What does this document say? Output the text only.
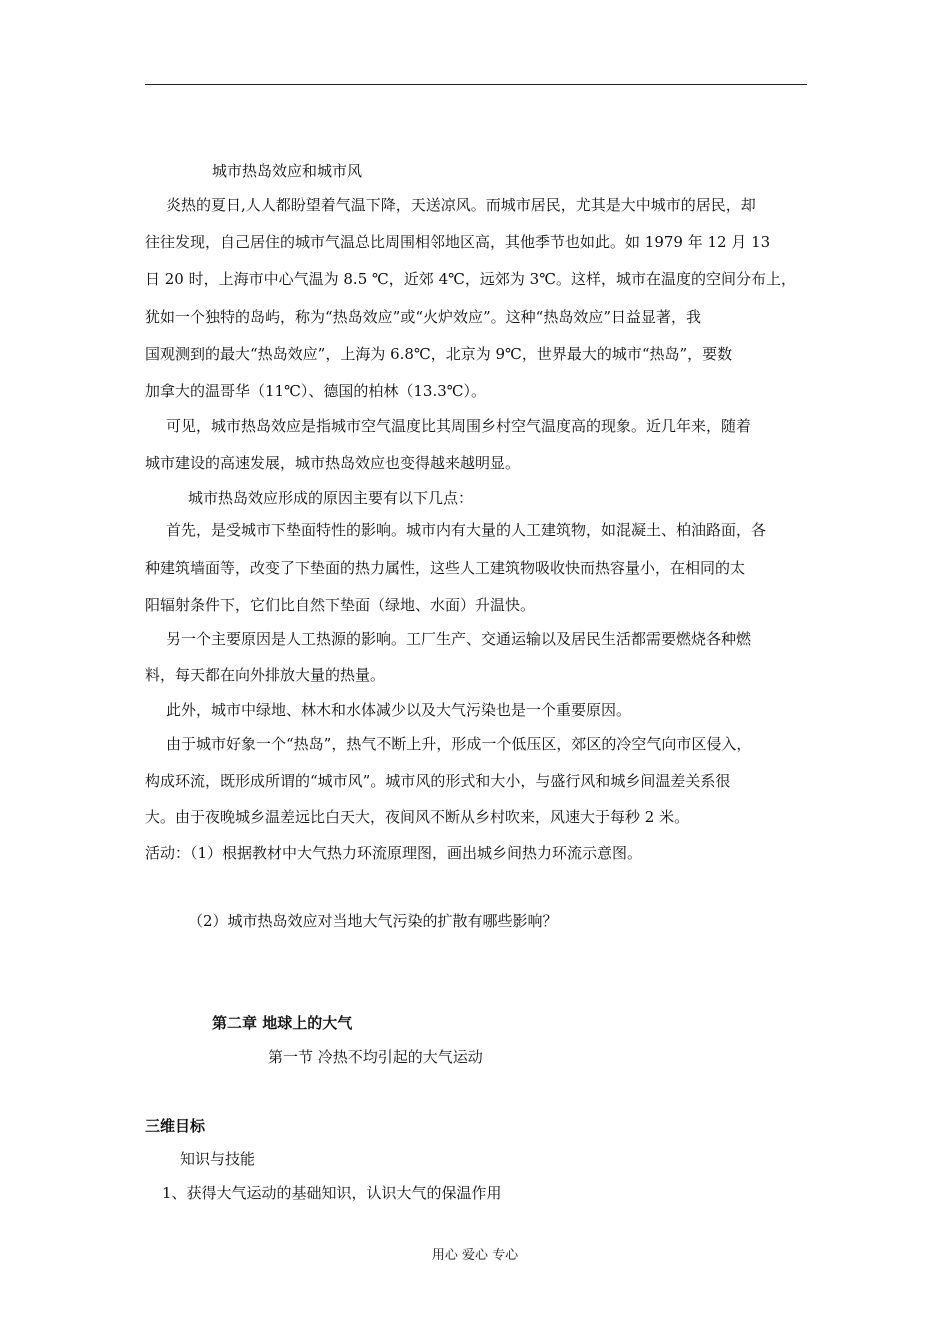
城市热岛效应和城市风
炎热的夏日,人人都盼望着气温下降，天送凉风。而城市居民，尤其是大中城市的居民，却
往往发现，自己居住的城市气温总比周围相邻地区高，其他季节也如此。如 1979 年 12 月 13
日 20 时，上海市中心气温为 8.5 ℃，近郊 4℃，远郊为 3℃。这样，城市在温度的空间分布上，
犹如一个独特的岛屿，称为“热岛效应”或“火炉效应”。这种“热岛效应”日益显著，我
国观测到的最大“热岛效应”，上海为 6.8℃，北京为 9℃，世界最大的城市“热岛”，要数
加拿大的温哥华（11℃）、德国的柏林（13.3℃）。
可见，城市热岛效应是指城市空气温度比其周围乡村空气温度高的现象。近几年来，随着
城市建设的高速发展，城市热岛效应也变得越来越明显。
城市热岛效应形成的原因主要有以下几点：
首先，是受城市下垫面特性的影响。城市内有大量的人工建筑物，如混凝土、柏油路面，各
种建筑墙面等，改变了下垫面的热力属性，这些人工建筑物吸收快而热容量小，在相同的太
阳辐射条件下，它们比自然下垫面（绿地、水面）升温快。
另一个主要原因是人工热源的影响。工厂生产、交通运输以及居民生活都需要燃烧各种燃
料，每天都在向外排放大量的热量。
此外，城市中绿地、林木和水体减少以及大气污染也是一个重要原因。
由于城市好象一个“热岛”，热气不断上升，形成一个低压区，郊区的冷空气向市区侵入，
构成环流，既形成所谓的“城市风”。城市风的形式和大小，与盛行风和城乡间温差关系很
大。由于夜晚城乡温差远比白天大，夜间风不断从乡村吹来，风速大于每秒 2 米。
活动：（1）根据教材中大气热力环流原理图，画出城乡间热力环流示意图。
（2）城市热岛效应对当地大气污染的扩散有哪些影响？
第二章 地球上的大气
第一节 冷热不均引起的大气运动
三维目标
知识与技能
1、获得大气运动的基础知识，认识大气的保温作用
用心 爱心 专心
